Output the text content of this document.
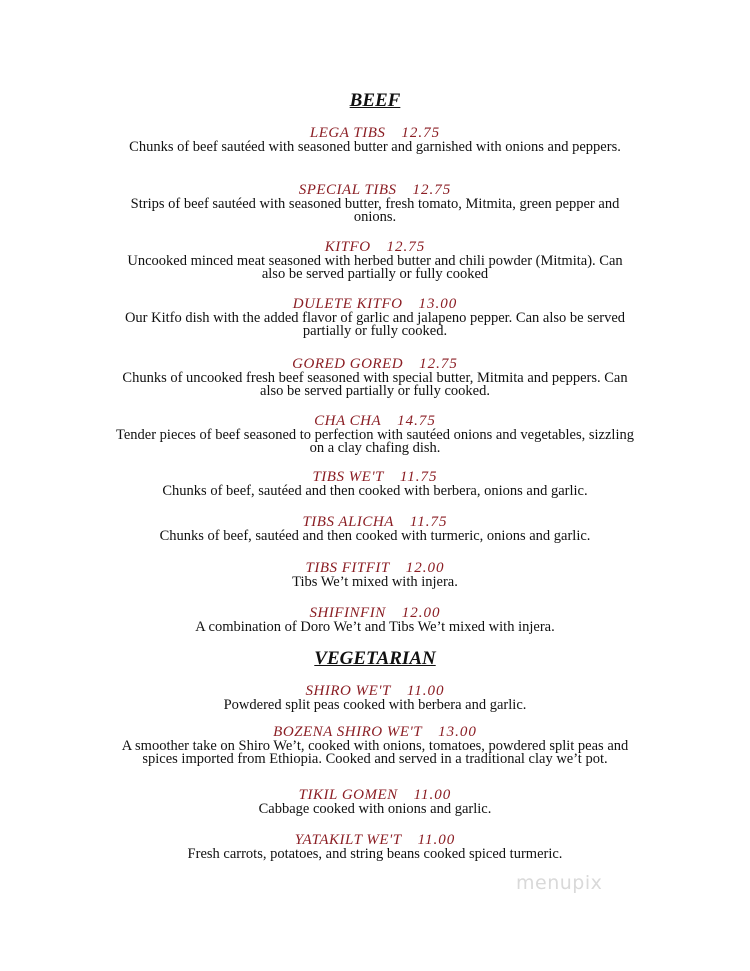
BEEF
LEGA TIBS 12.75
Chunks of beef sautéed with seasoned butter and garnished with onions and peppers.
SPECIAL TIBS 12.75
Strips of beef sautéed with seasoned butter, fresh tomato, Mitmita, green pepper and onions.
KITFO 12.75
Uncooked minced meat seasoned with herbed butter and chili powder (Mitmita). Can also be served partially or fully cooked
DULETE KITFO 13.00
Our Kitfo dish with the added flavor of garlic and jalapeno pepper. Can also be served partially or fully cooked.
GORED GORED 12.75
Chunks of uncooked fresh beef seasoned with special butter, Mitmita and peppers. Can also be served partially or fully cooked.
CHA CHA 14.75
Tender pieces of beef seasoned to perfection with sautéed onions and vegetables, sizzling on a clay chafing dish.
TIBS WE'T 11.75
Chunks of beef, sautéed and then cooked with berbera, onions and garlic.
TIBS ALICHA 11.75
Chunks of beef, sautéed and then cooked with turmeric, onions and garlic.
TIBS FITFIT 12.00
Tibs We’t mixed with injera.
SHIFINFIN 12.00
A combination of Doro We’t and Tibs We’t mixed with injera.
VEGETARIAN
SHIRO WE'T 11.00
Powdered split peas cooked with berbera and garlic.
BOZENA SHIRO WE'T 13.00
A smoother take on Shiro We’t, cooked with onions, tomatoes, powdered split peas and spices imported from Ethiopia. Cooked and served in a traditional clay we’t pot.
TIKIL GOMEN 11.00
Cabbage cooked with onions and garlic.
YATAKILT WE'T 11.00
Fresh carrots, potatoes, and string beans cooked spiced turmeric.
menupix
